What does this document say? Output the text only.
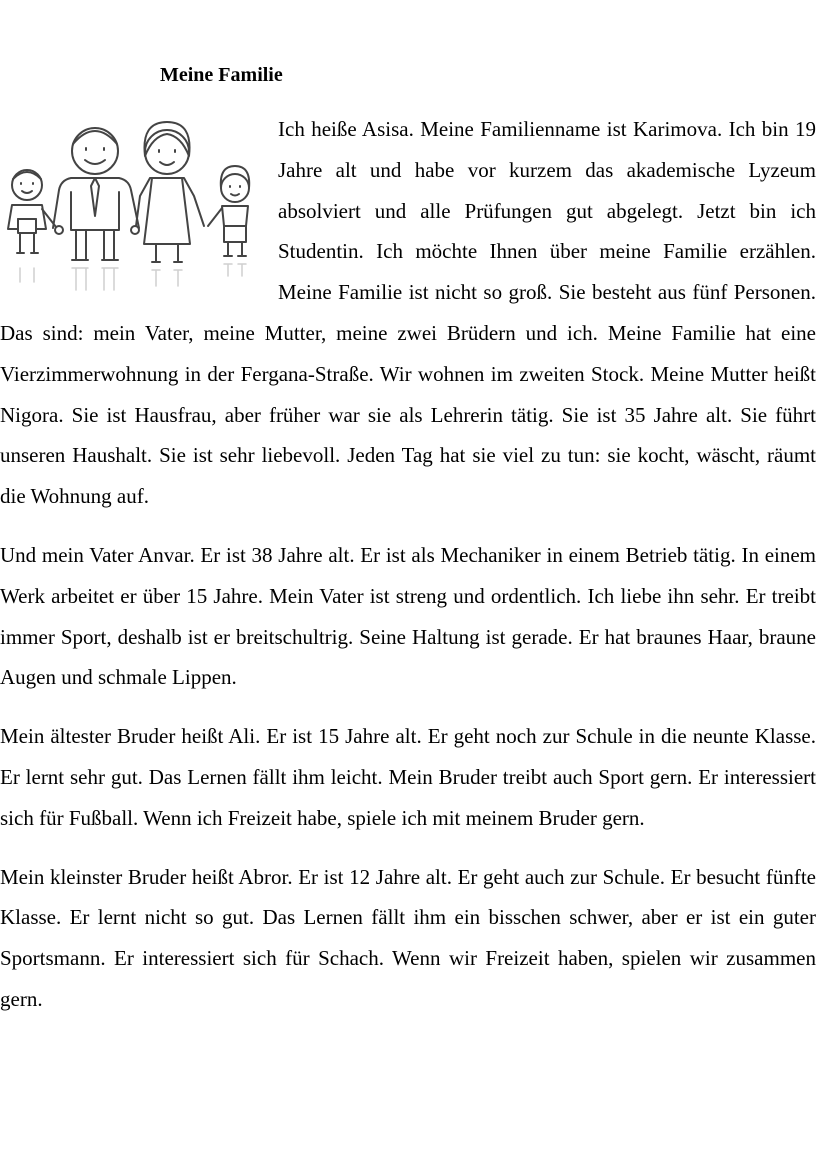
Meine Familie

Ich heiße Asisa. Meine Familienname ist Karimova. Ich bin 19 Jahre alt und habe vor kurzem das akademische Lyzeum absolviert und alle Prüfungen gut abgelegt. Jetzt bin ich Studentin. Ich möchte Ihnen über meine Familie erzählen. Meine Familie ist nicht so groß. Sie besteht aus fünf Personen. Das sind: mein Vater, meine Mutter, meine zwei Brüdern und ich. Meine Familie hat eine Vierzimmerwohnung in der Fergana-Straße. Wir wohnen im zweiten Stock. Meine Mutter heißt Nigora. Sie ist Hausfrau, aber früher war sie als Lehrerin tätig. Sie ist 35 Jahre alt. Sie führt unseren Haushalt. Sie ist sehr liebevoll. Jeden Tag hat sie viel zu tun: sie kocht, wäscht, räumt die Wohnung auf.

Und mein Vater Anvar. Er ist 38 Jahre alt. Er ist als Mechaniker in einem Betrieb tätig. In einem Werk arbeitet er über 15 Jahre. Mein Vater ist streng und ordentlich. Ich liebe ihn sehr. Er treibt immer Sport, deshalb ist er breitschultrig. Seine Haltung ist gerade. Er hat braunes Haar, braune Augen und schmale Lippen.

Mein ältester Bruder heißt Ali. Er ist 15 Jahre alt. Er geht noch zur Schule in die neunte Klasse. Er lernt sehr gut. Das Lernen fällt ihm leicht. Mein Bruder treibt auch Sport gern. Er interessiert sich für Fußball. Wenn ich Freizeit habe, spiele ich mit meinem Bruder gern.

Mein kleinster Bruder heißt Abror. Er ist 12 Jahre alt. Er geht auch zur Schule. Er besucht fünfte Klasse. Er lernt nicht so gut. Das Lernen fällt ihm ein bisschen schwer, aber er ist ein guter Sportsmann. Er interessiert sich für Schach. Wenn wir Freizeit haben, spielen wir zusammen gern.
